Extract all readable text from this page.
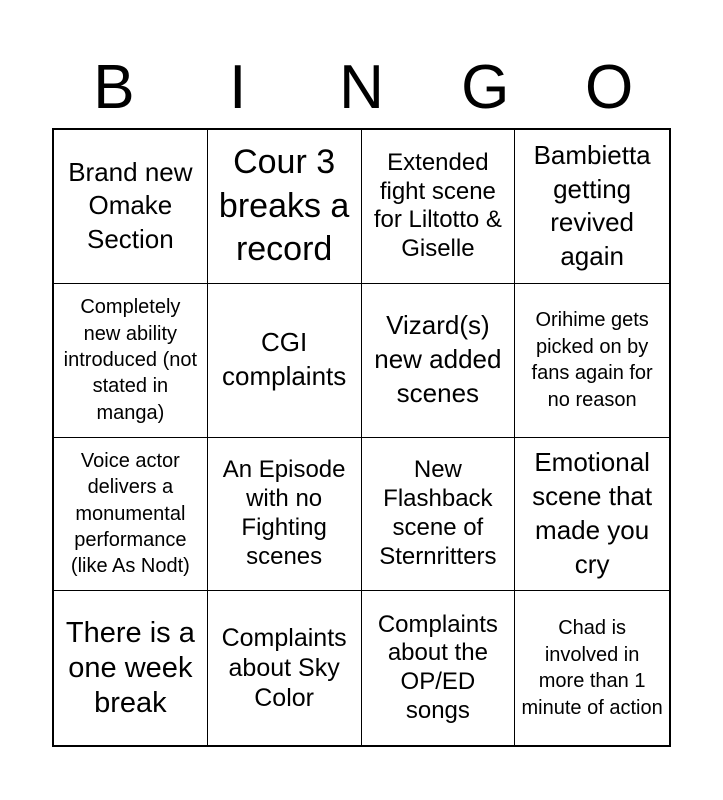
B	I	N	G	O
Brand new Omake Section
Cour 3 breaks a record
Extended fight scene for Liltotto & Giselle
Bambietta getting revived again
Completely new ability introduced (not stated in manga)
CGI complaints
Vizard(s) new added scenes
Orihime gets picked on by fans again for no reason
Voice actor delivers a monumental performance (like As Nodt)
An Episode with no Fighting scenes
New Flashback scene of Sternritters
Emotional scene that made you cry
There is a one week break
Complaints about Sky Color
Complaints about the OP/ED songs
Chad is involved in more than 1 minute of action
